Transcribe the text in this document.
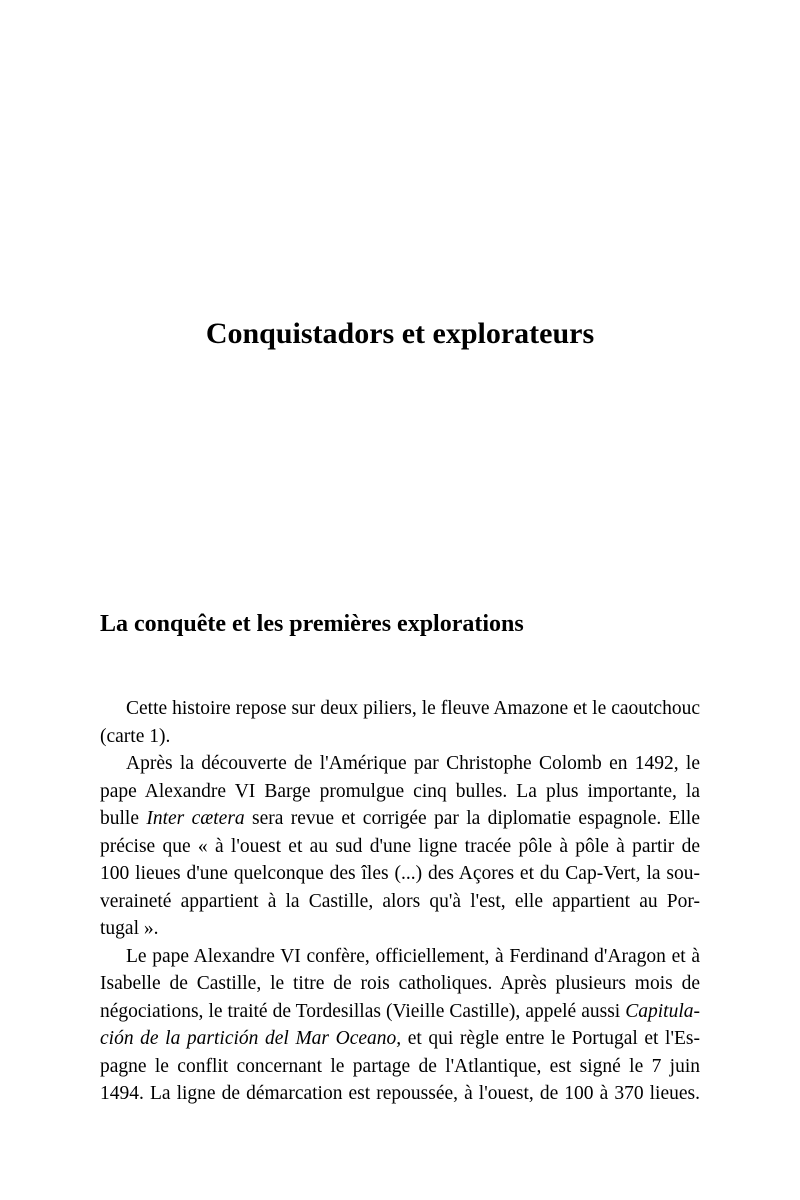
Conquistadors et explorateurs
La conquête et les premières explorations
Cette histoire repose sur deux piliers, le fleuve Amazone et le caoutchouc
(carte 1).
Après la découverte de l'Amérique par Christophe Colomb en 1492, le
pape Alexandre VI Barge promulgue cinq bulles. La plus importante, la
bulle Inter cætera sera revue et corrigée par la diplomatie espagnole. Elle
précise que « à l'ouest et au sud d'une ligne tracée pôle à pôle à partir de
100 lieues d'une quelconque des îles (...) des Açores et du Cap-Vert, la sou-
veraineté appartient à la Castille, alors qu'à l'est, elle appartient au Por-
tugal ».
Le pape Alexandre VI confère, officiellement, à Ferdinand d'Aragon et à
Isabelle de Castille, le titre de rois catholiques. Après plusieurs mois de
négociations, le traité de Tordesillas (Vieille Castille), appelé aussi Capitula-
ción de la partición del Mar Oceano, et qui règle entre le Portugal et l'Es-
pagne le conflit concernant le partage de l'Atlantique, est signé le 7 juin
1494. La ligne de démarcation est repoussée, à l'ouest, de 100 à 370 lieues.
